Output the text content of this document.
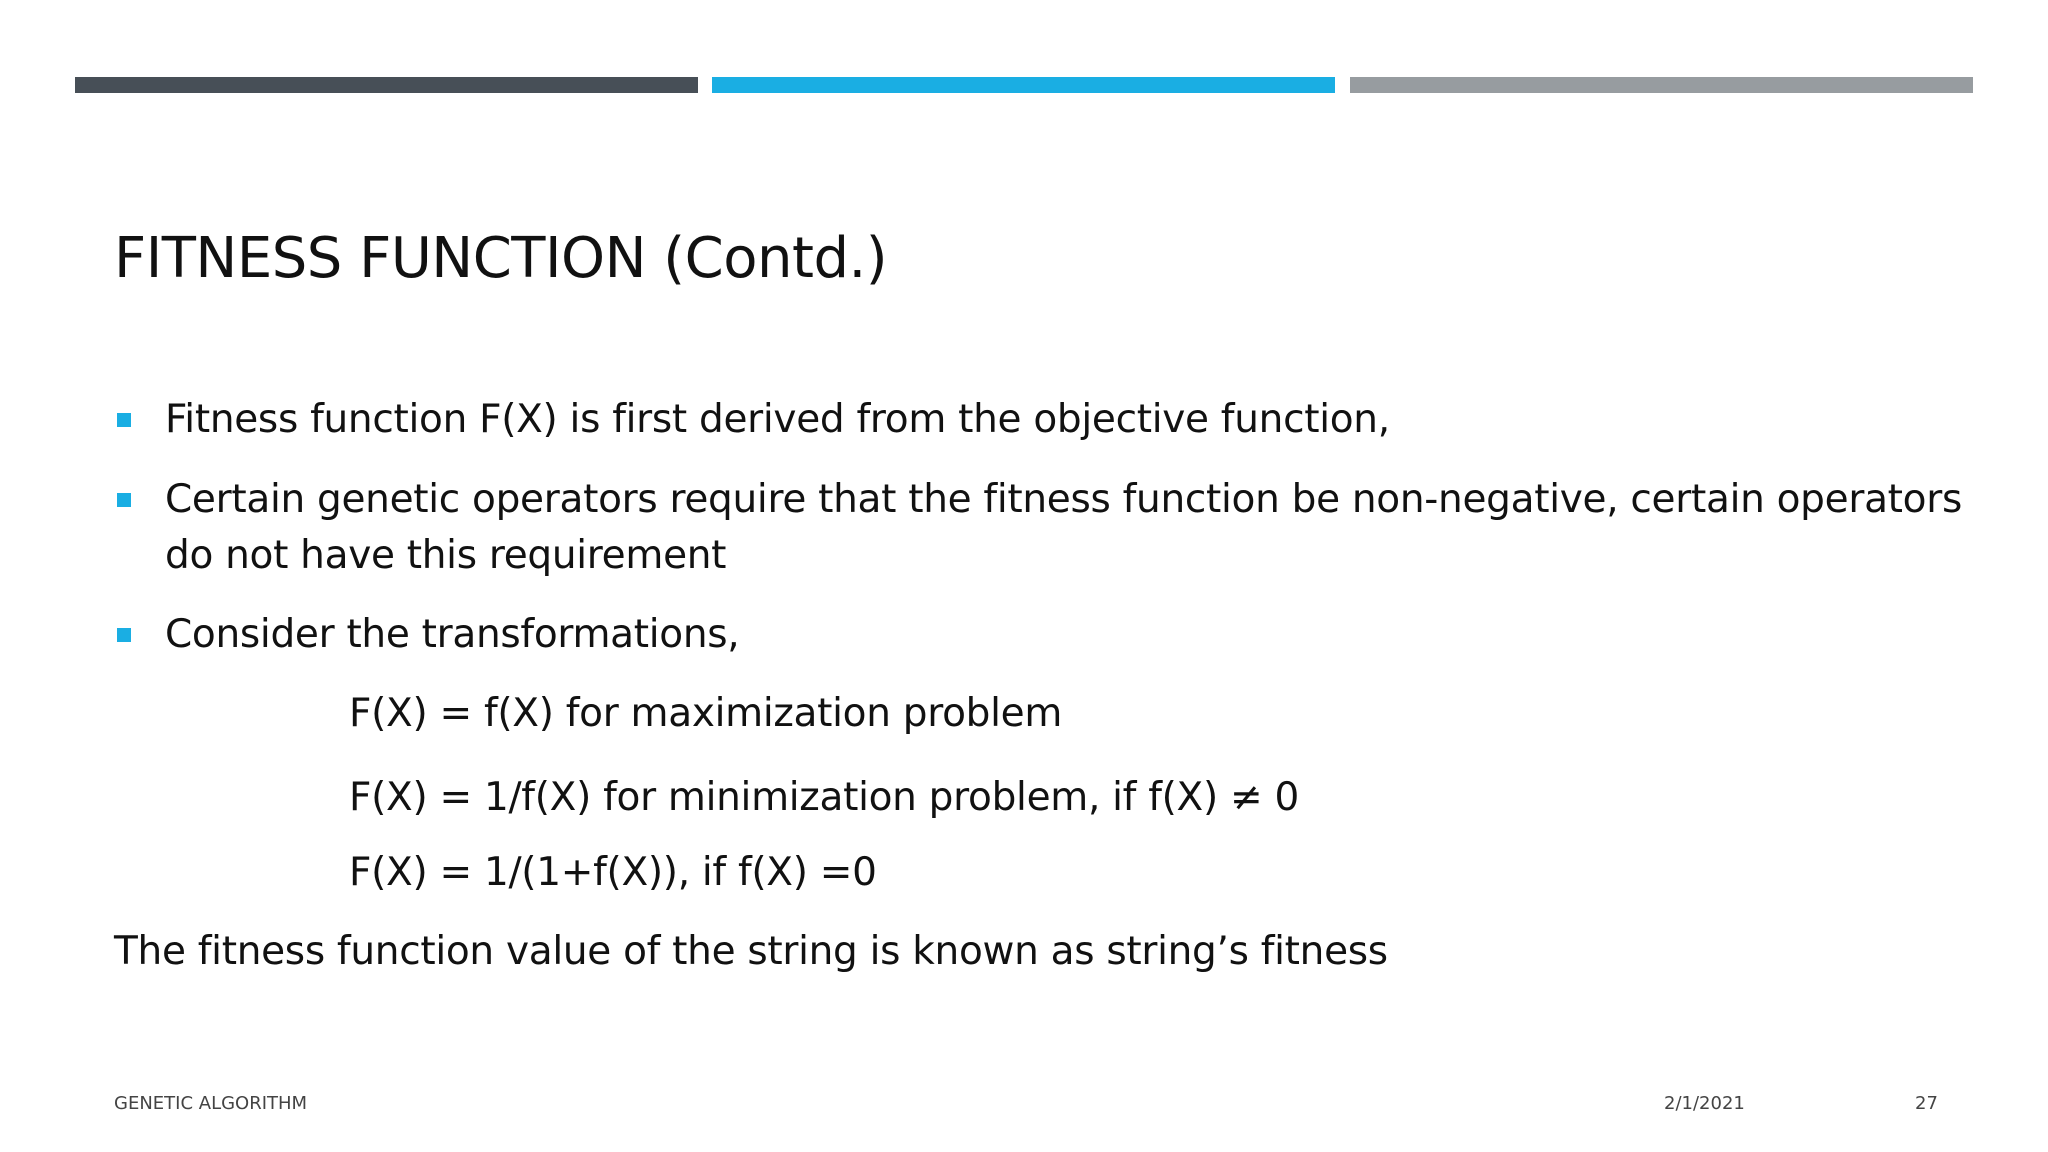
FITNESS FUNCTION (Contd.)
Fitness function F(X) is first derived from the objective function,
Certain genetic operators require that the fitness function be non-negative, certain operators do not have this requirement
Consider the transformations,
F(X) = f(X) for maximization problem
F(X) = 1/f(X) for minimization problem, if f(X) ≠ 0
F(X) = 1/(1+f(X)), if f(X) =0
The fitness function value of the string is known as string’s fitness
GENETIC ALGORITHM	2/1/2021	27
